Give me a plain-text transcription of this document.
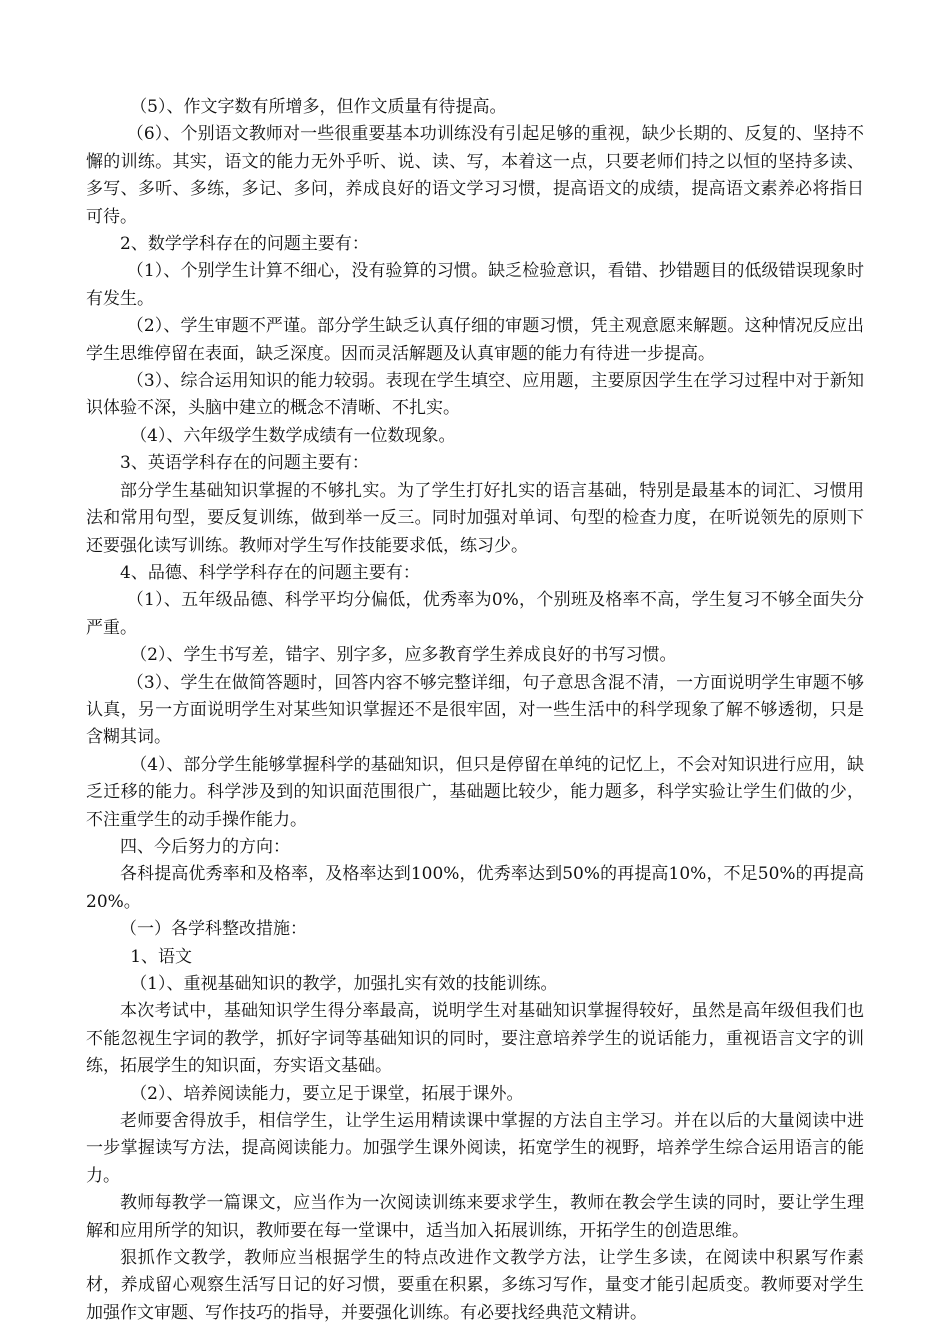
（5）、作文字数有所增多，但作文质量有待提高。

（6）、个别语文教师对一些很重要基本功训练没有引起足够的重视，缺少长期的、反复的、坚持不懈的训练。其实，语文的能力无外乎听、说、读、写，本着这一点，只要老师们持之以恒的坚持多读、多写、多听、多练，多记、多问，养成良好的语文学习习惯，提高语文的成绩，提高语文素养必将指日可待。

2、数学学科存在的问题主要有：

（1）、个别学生计算不细心，没有验算的习惯。缺乏检验意识，看错、抄错题目的低级错误现象时有发生。

（2）、学生审题不严谨。部分学生缺乏认真仔细的审题习惯，凭主观意愿来解题。这种情况反应出学生思维停留在表面，缺乏深度。因而灵活解题及认真审题的能力有待进一步提高。

（3）、综合运用知识的能力较弱。表现在学生填空、应用题，主要原因学生在学习过程中对于新知识体验不深，头脑中建立的概念不清晰、不扎实。

（4）、六年级学生数学成绩有一位数现象。

3、英语学科存在的问题主要有：

部分学生基础知识掌握的不够扎实。为了学生打好扎实的语言基础，特别是最基本的词汇、习惯用法和常用句型，要反复训练，做到举一反三。同时加强对单词、句型的检查力度，在听说领先的原则下还要强化读写训练。教师对学生写作技能要求低，练习少。

4、品德、科学学科存在的问题主要有：

（1）、五年级品德、科学平均分偏低，优秀率为0%，个别班及格率不高，学生复习不够全面失分严重。

（2）、学生书写差，错字、别字多，应多教育学生养成良好的书写习惯。

（3）、学生在做简答题时，回答内容不够完整详细，句子意思含混不清，一方面说明学生审题不够认真，另一方面说明学生对某些知识掌握还不是很牢固，对一些生活中的科学现象了解不够透彻，只是含糊其词。

（4）、部分学生能够掌握科学的基础知识，但只是停留在单纯的记忆上，不会对知识进行应用，缺乏迁移的能力。科学涉及到的知识面范围很广，基础题比较少，能力题多，科学实验让学生们做的少，不注重学生的动手操作能力。

四、今后努力的方向：

各科提高优秀率和及格率，及格率达到100%，优秀率达到50%的再提高10%，不足50%的再提高20%。

（一）各学科整改措施：

1、语文

（1）、重视基础知识的教学，加强扎实有效的技能训练。

本次考试中，基础知识学生得分率最高，说明学生对基础知识掌握得较好，虽然是高年级但我们也不能忽视生字词的教学，抓好字词等基础知识的同时，要注意培养学生的说话能力，重视语言文字的训练，拓展学生的知识面，夯实语文基础。

（2）、培养阅读能力，要立足于课堂，拓展于课外。

老师要舍得放手，相信学生，让学生运用精读课中掌握的方法自主学习。并在以后的大量阅读中进一步掌握读写方法，提高阅读能力。加强学生课外阅读，拓宽学生的视野，培养学生综合运用语言的能力。

教师每教学一篇课文，应当作为一次阅读训练来要求学生，教师在教会学生读的同时，要让学生理解和应用所学的知识，教师要在每一堂课中，适当加入拓展训练，开拓学生的创造思维。

狠抓作文教学，教师应当根据学生的特点改进作文教学方法，让学生多读，在阅读中积累写作素材，养成留心观察生活写日记的好习惯，要重在积累，多练习写作，量变才能引起质变。教师要对学生加强作文审题、写作技巧的指导，并要强化训练。有必要找经典范文精讲。
